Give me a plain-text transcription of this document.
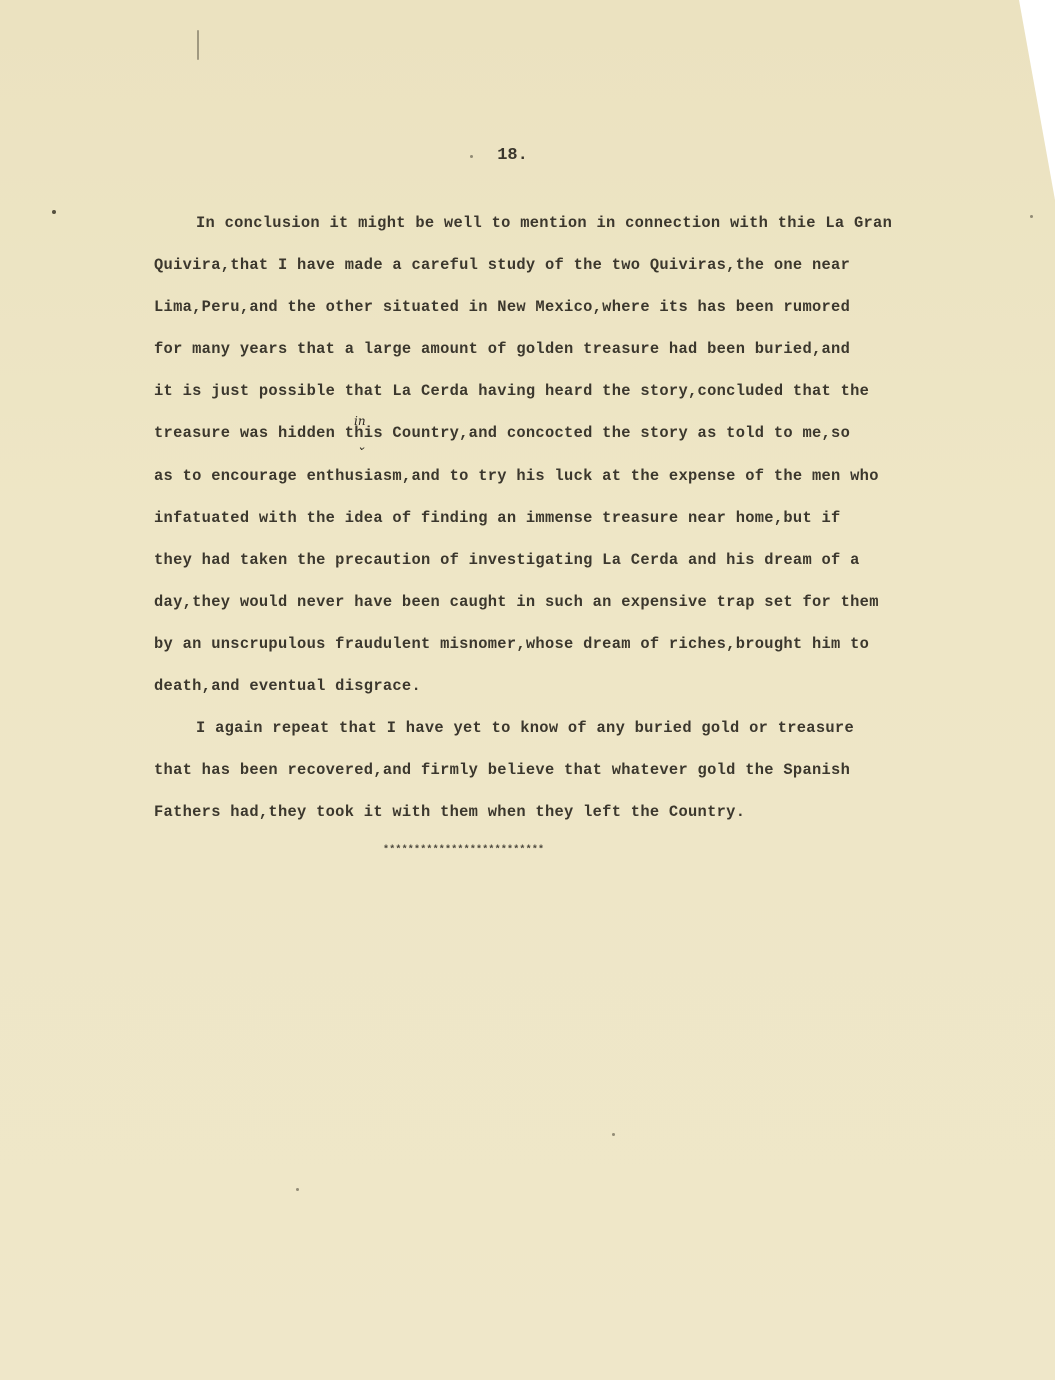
18.
In conclusion it might be well to mention in connection with thie La Gran
Quivira,that I have made a careful study of the two Quiviras,the one near
Lima,Peru,and the other situated in New Mexico,where its has been rumored
for many years that a large amount of golden treasure had been buried,and
it is just possible that La Cerda having heard the story,concluded that the
treasure was hidden this Country,and concocted the story as told to me,so
as to encourage enthusiasm,and to try his luck at the expense of the men who
infatuated with the idea of finding an immense treasure near home,but if
they had taken the precaution of investigating La Cerda and his dream of a
day,they would never have been caught in such an expensive trap set for them
by an unscrupulous fraudulent misnomer,whose dream of riches,brought him to
death,and eventual disgrace.
I again repeat that I have yet to know of any buried gold or treasure
that has been recovered,and firmly believe that whatever gold the Spanish
Fathers had,they took it with them when they left the Country.
in
⌄
**************************
